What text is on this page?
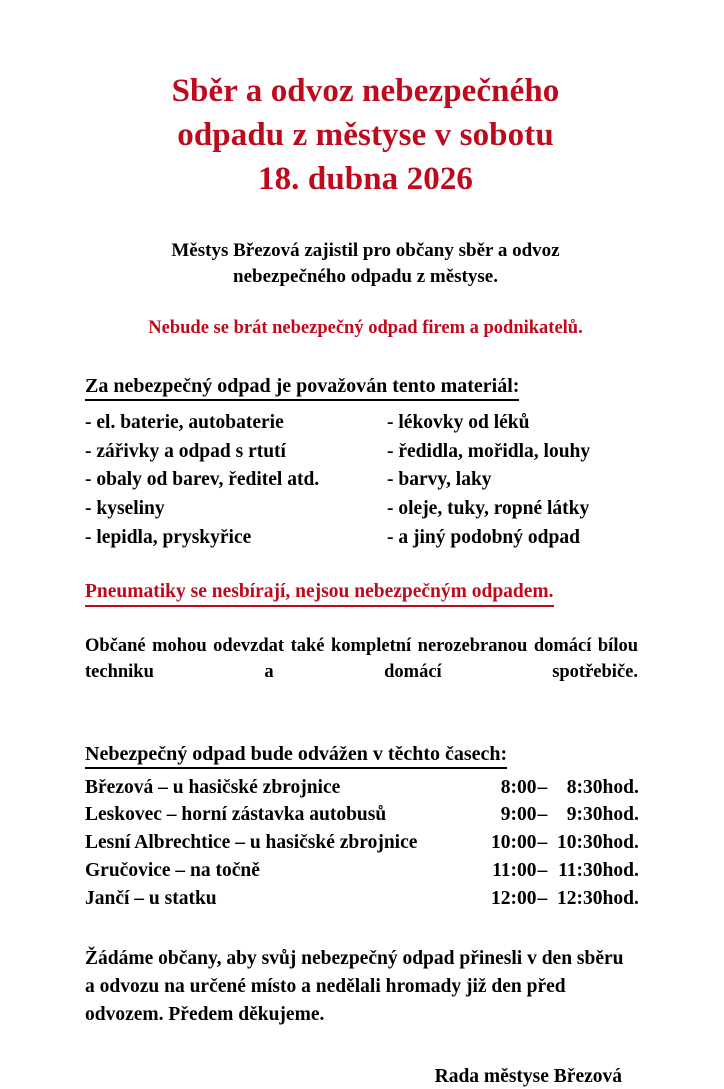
Sběr a odvoz nebezpečného
odpadu z městyse v sobotu
18. dubna 2026

Městys Březová zajistil pro občany sběr a odvoz
nebezpečného odpadu z městyse.

Nebude se brát nebezpečný odpad firem a podnikatelů.

Za nebezpečný odpad je považován tento materiál:
- el. baterie, autobaterie	- lékovky od léků
- zářivky a odpad s rtutí	- ředidla, mořidla, louhy
- obaly od barev, ředitel atd.	- barvy, laky
- kyseliny	- oleje, tuky, ropné látky
- lepidla, pryskyřice	- a jiný podobný odpad

Pneumatiky se nesbírají, nejsou nebezpečným odpadem.

Občané mohou odevzdat také kompletní nerozebranou domácí bílou techniku a domácí spotřebiče.

Nebezpečný odpad bude odvážen v těchto časech:
Březová – u hasičské zbrojnice	8:00	–	8:30	hod.
Leskovec – horní zástavka autobusů	9:00	–	9:30	hod.
Lesní Albrechtice – u hasičské zbrojnice	10:00	–	10:30	hod.
Gručovice – na točně	11:00	–	11:30	hod.
Jančí – u statku	12:00	–	12:30	hod.

Žádáme občany, aby svůj nebezpečný odpad přinesli v den sběru a odvozu na určené místo a nedělali hromady již den před odvozem. Předem děkujeme.

Rada městyse Březová
